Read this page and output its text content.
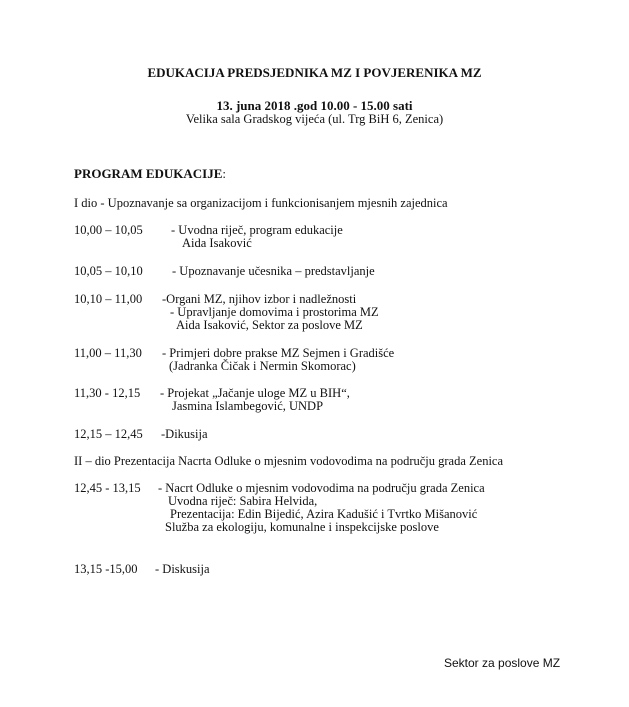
EDUKACIJA PREDSJEDNIKA MZ I POVJERENIKA MZ
13. juna 2018 .god 10.00 - 15.00 sati
Velika sala Gradskog vijeća (ul. Trg BiH 6, Zenica)
PROGRAM EDUKACIJE:
I dio - Upoznavanje sa organizacijom i funkcionisanjem mjesnih zajednica
10,00 – 10,05 - Uvodna riječ, program edukacije
Aida Isaković
10,05 – 10,10 - Upoznavanje učesnika – predstavljanje
10,10 – 11,00 -Organi MZ, njihov izbor i nadležnosti
- Upravljanje domovima i prostorima MZ
Aida Isaković, Sektor za poslove MZ
11,00 – 11,30 - Primjeri dobre prakse MZ Sejmen i Gradišće
(Jadranka Čičak i Nermin Skomorac)
11,30 - 12,15 - Projekat „Jačanje uloge MZ u BIH“,
Jasmina Islambegović, UNDP
12,15 – 12,45 -Dikusija
II – dio Prezentacija Nacrta Odluke o mjesnim vodovodima na području grada Zenica
12,45 - 13,15 - Nacrt Odluke o mjesnim vodovodima na području grada Zenica
Uvodna riječ: Sabira Helvida,
Prezentacija: Edin Bijedić, Azira Kadušić i Tvrtko Mišanović
Služba za ekologiju, komunalne i inspekcijske poslove
13,15 -15,00 - Diskusija
Sektor za poslove MZ
